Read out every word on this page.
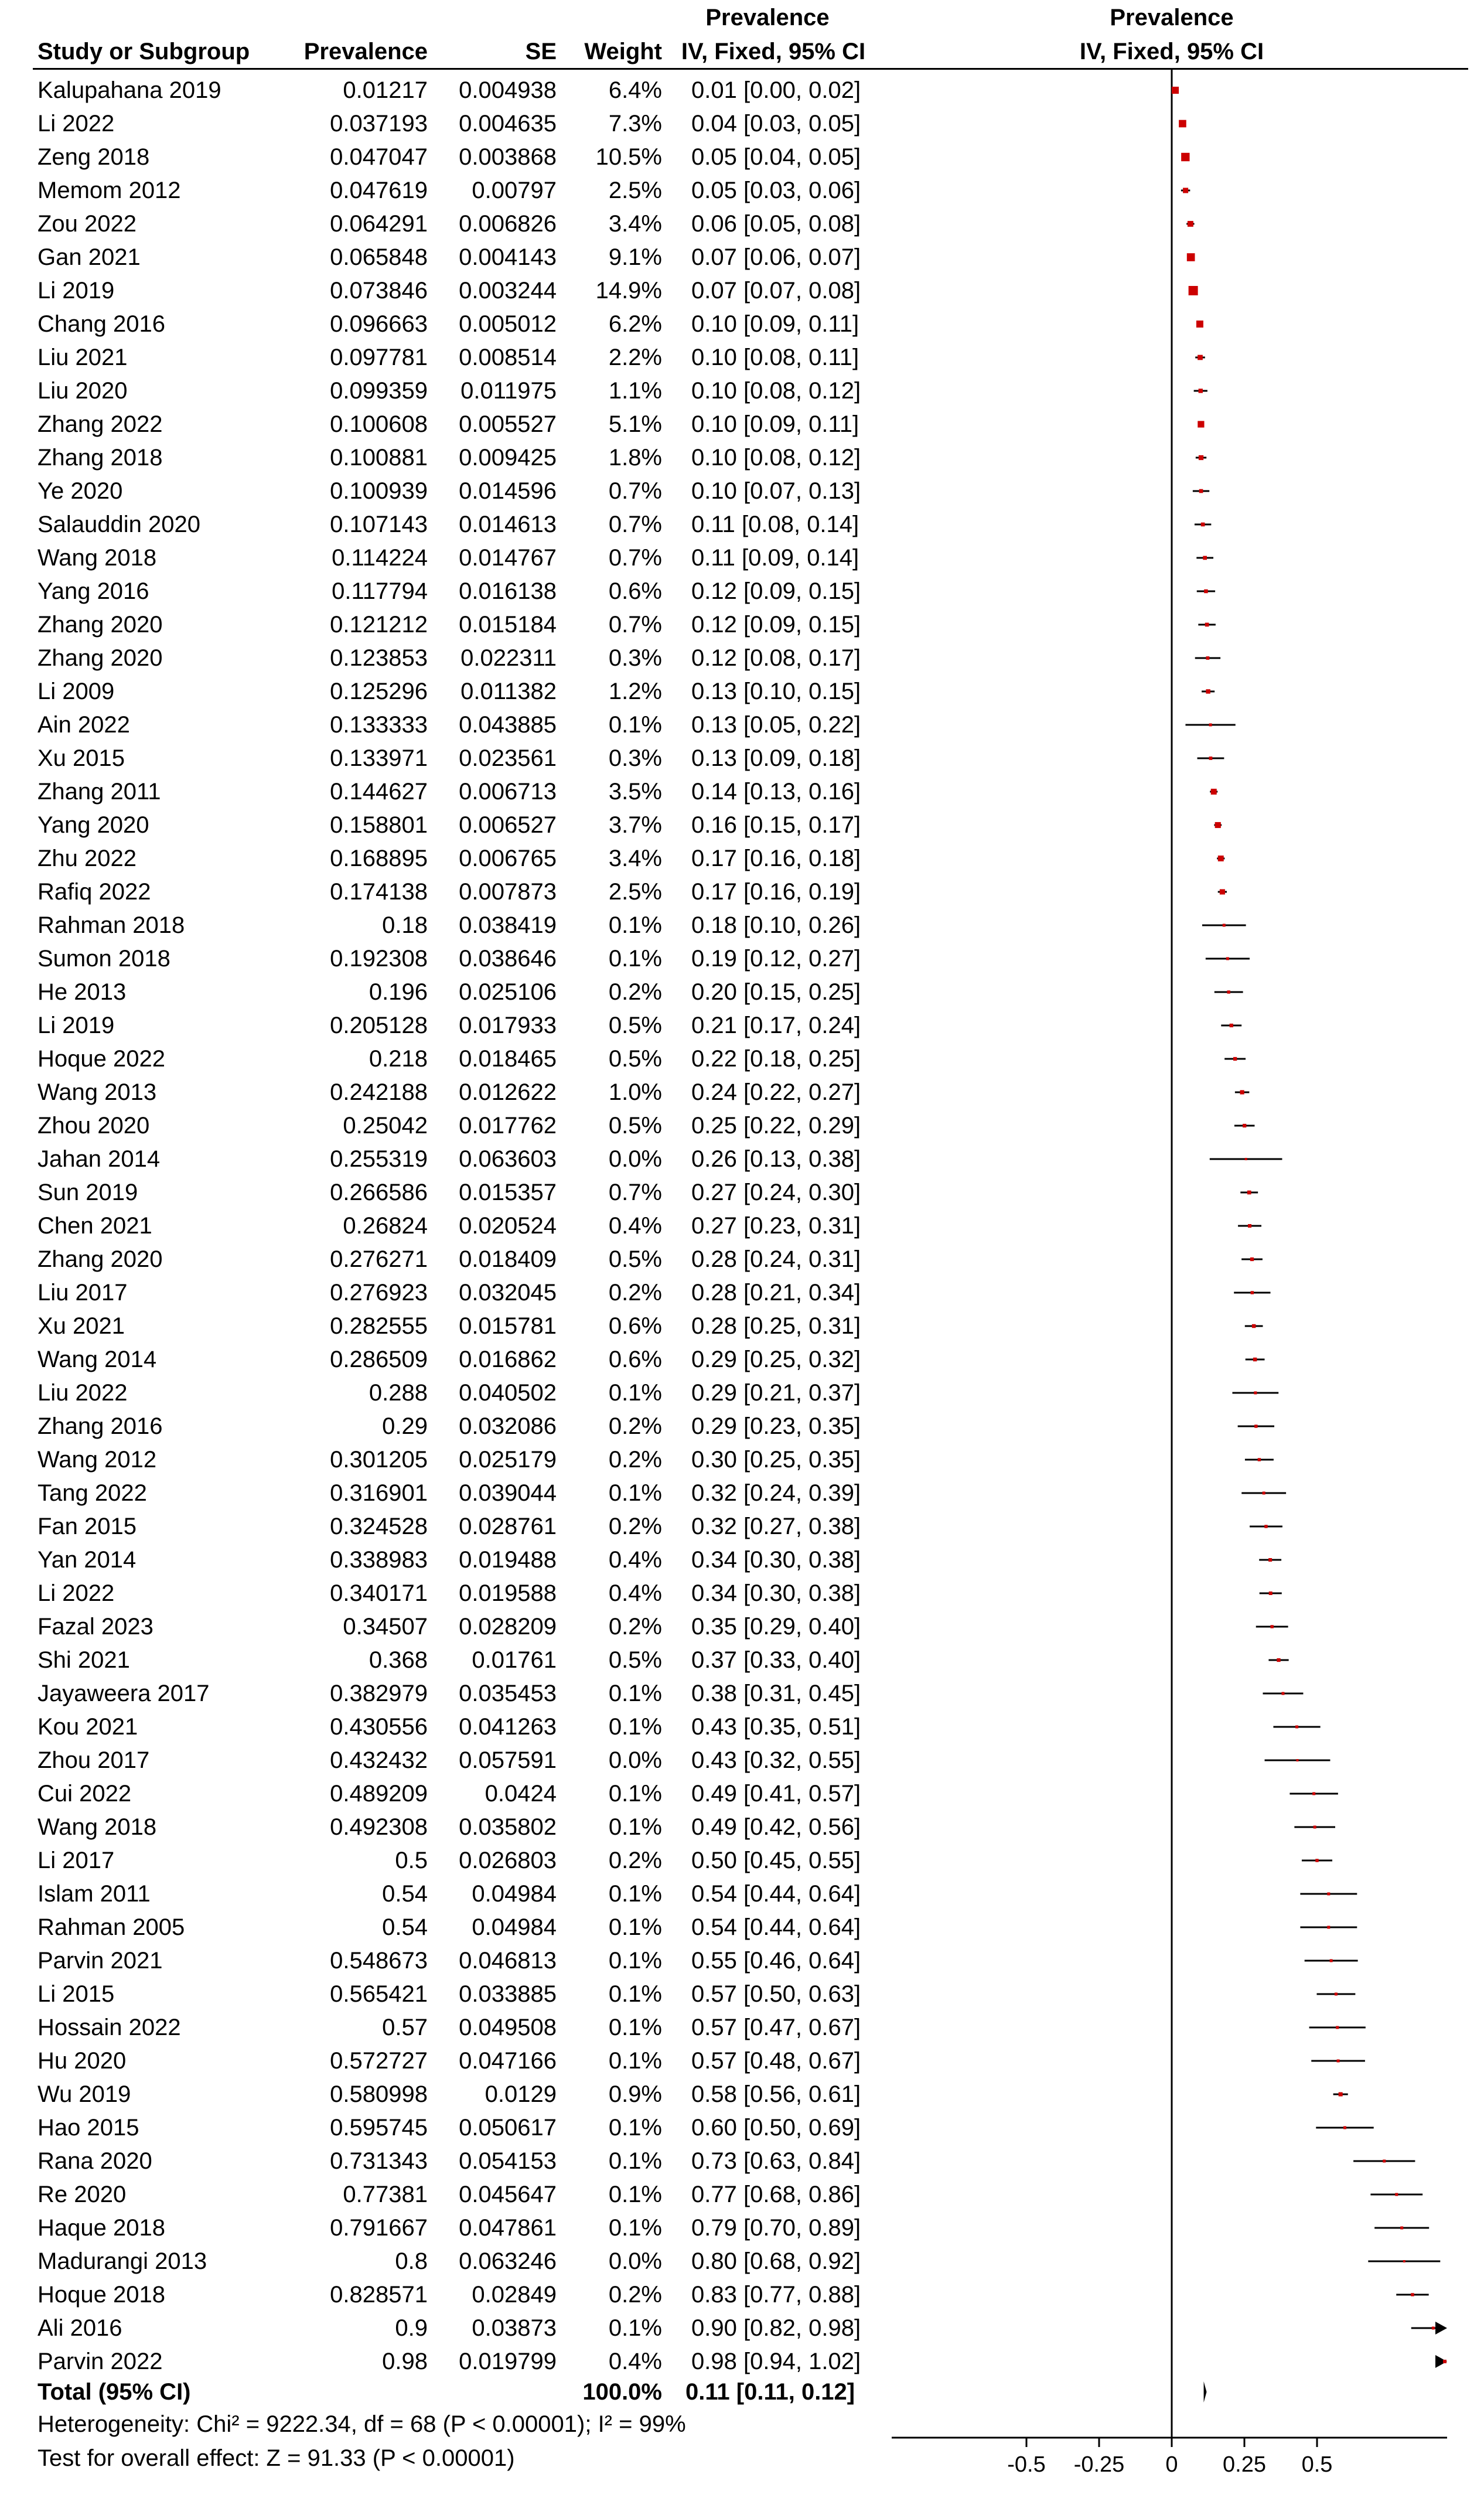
Prevalence
Study or Subgroup	Prevalence	SE	Weight IV, Fixed, 95% CI
Prevalence
IV, Fixed, 95% CI
Kalupahana 2019	0.01217	0.004938	6.4% 0.01 [0.00, 0.02]
Li 2022	0.037193	0.004635	7.3% 0.04 [0.03, 0.05]
Zeng 2018	0.047047	0.003868	10.5% 0.05 [0.04, 0.05]
Memom 2012	0.047619	0.00797	2.5% 0.05 [0.03, 0.06]
Zou 2022	0.064291	0.006826	3.4% 0.06 [0.05, 0.08]
Gan 2021	0.065848	0.004143	9.1% 0.07 [0.06, 0.07]
Li 2019	0.073846	0.003244	14.9% 0.07 [0.07, 0.08]
Chang 2016	0.096663	0.005012	6.2% 0.10 [0.09, 0.11]
Liu 2021	0.097781	0.008514	2.2% 0.10 [0.08, 0.11]
Liu 2020	0.099359	0.011975	1.1% 0.10 [0.08, 0.12]
Zhang 2022	0.100608	0.005527	5.1% 0.10 [0.09, 0.11]
Zhang 2018	0.100881	0.009425	1.8% 0.10 [0.08, 0.12]
Ye 2020	0.100939	0.014596	0.7% 0.10 [0.07, 0.13]
Salauddin 2020	0.107143	0.014613	0.7% 0.11 [0.08, 0.14]
Wang 2018	0.114224	0.014767	0.7% 0.11 [0.09, 0.14]
Yang 2016	0.117794	0.016138	0.6% 0.12 [0.09, 0.15]
Zhang 2020	0.121212	0.015184	0.7% 0.12 [0.09, 0.15]
Zhang 2020	0.123853	0.022311	0.3% 0.12 [0.08, 0.17]
Li 2009	0.125296	0.011382	1.2% 0.13 [0.10, 0.15]
Ain 2022	0.133333	0.043885	0.1% 0.13 [0.05, 0.22]
Xu 2015	0.133971	0.023561	0.3% 0.13 [0.09, 0.18]
Zhang 2011	0.144627	0.006713	3.5% 0.14 [0.13, 0.16]
Yang 2020	0.158801	0.006527	3.7% 0.16 [0.15, 0.17]
Zhu 2022	0.168895	0.006765	3.4% 0.17 [0.16, 0.18]
Rafiq 2022	0.174138	0.007873	2.5% 0.17 [0.16, 0.19]
Rahman 2018	0.18	0.038419	0.1% 0.18 [0.10, 0.26]
Sumon 2018	0.192308	0.038646	0.1% 0.19 [0.12, 0.27]
He 2013	0.196	0.025106	0.2% 0.20 [0.15, 0.25]
Li 2019	0.205128	0.017933	0.5% 0.21 [0.17, 0.24]
Hoque 2022	0.218	0.018465	0.5% 0.22 [0.18, 0.25]
Wang 2013	0.242188	0.012622	1.0% 0.24 [0.22, 0.27]
Zhou 2020	0.25042	0.017762	0.5% 0.25 [0.22, 0.29]
Jahan 2014	0.255319	0.063603	0.0% 0.26 [0.13, 0.38]
Sun 2019	0.266586	0.015357	0.7% 0.27 [0.24, 0.30]
Chen 2021	0.26824	0.020524	0.4% 0.27 [0.23, 0.31]
Zhang 2020	0.276271	0.018409	0.5% 0.28 [0.24, 0.31]
Liu 2017	0.276923	0.032045	0.2% 0.28 [0.21, 0.34]
Xu 2021	0.282555	0.015781	0.6% 0.28 [0.25, 0.31]
Wang 2014	0.286509	0.016862	0.6% 0.29 [0.25, 0.32]
Liu 2022	0.288	0.040502	0.1% 0.29 [0.21, 0.37]
Zhang 2016	0.29	0.032086	0.2% 0.29 [0.23, 0.35]
Wang 2012	0.301205	0.025179	0.2% 0.30 [0.25, 0.35]
Tang 2022	0.316901	0.039044	0.1% 0.32 [0.24, 0.39]
Fan 2015	0.324528	0.028761	0.2% 0.32 [0.27, 0.38]
Yan 2014	0.338983	0.019488	0.4% 0.34 [0.30, 0.38]
Li 2022	0.340171	0.019588	0.4% 0.34 [0.30, 0.38]
Fazal 2023	0.34507	0.028209	0.2% 0.35 [0.29, 0.40]
Shi 2021	0.368	0.01761	0.5% 0.37 [0.33, 0.40]
Jayaweera 2017	0.382979	0.035453	0.1% 0.38 [0.31, 0.45]
Kou 2021	0.430556	0.041263	0.1% 0.43 [0.35, 0.51]
Zhou 2017	0.432432	0.057591	0.0% 0.43 [0.32, 0.55]
Cui 2022	0.489209	0.0424	0.1% 0.49 [0.41, 0.57]
Wang 2018	0.492308	0.035802	0.1% 0.49 [0.42, 0.56]
Li 2017	0.5	0.026803	0.2% 0.50 [0.45, 0.55]
Islam 2011	0.54	0.04984	0.1% 0.54 [0.44, 0.64]
Rahman 2005	0.54	0.04984	0.1% 0.54 [0.44, 0.64]
Parvin 2021	0.548673	0.046813	0.1% 0.55 [0.46, 0.64]
Li 2015	0.565421	0.033885	0.1% 0.57 [0.50, 0.63]
Hossain 2022	0.57	0.049508	0.1% 0.57 [0.47, 0.67]
Hu 2020	0.572727	0.047166	0.1% 0.57 [0.48, 0.67]
Wu 2019	0.580998	0.0129	0.9% 0.58 [0.56, 0.61]
Hao 2015	0.595745	0.050617	0.1% 0.60 [0.50, 0.69]
Rana 2020	0.731343	0.054153	0.1% 0.73 [0.63, 0.84]
Re 2020	0.77381	0.045647	0.1% 0.77 [0.68, 0.86]
Haque 2018	0.791667	0.047861	0.1% 0.79 [0.70, 0.89]
Madurangi 2013	0.8	0.063246	0.0% 0.80 [0.68, 0.92]
Hoque 2018	0.828571	0.02849	0.2% 0.83 [0.77, 0.88]
Ali 2016	0.9	0.03873	0.1% 0.90 [0.82, 0.98]
Parvin 2022	0.98	0.019799	0.4% 0.98 [0.94, 1.02]
Total (95% CI)	100.0% 0.11 [0.11, 0.12]
Heterogeneity: Chi² = 9222.34, df = 68 (P < 0.00001); I² = 99%
Test for overall effect: Z = 91.33 (P < 0.00001)	-0.5 -0.25 0 0.25 0.5
